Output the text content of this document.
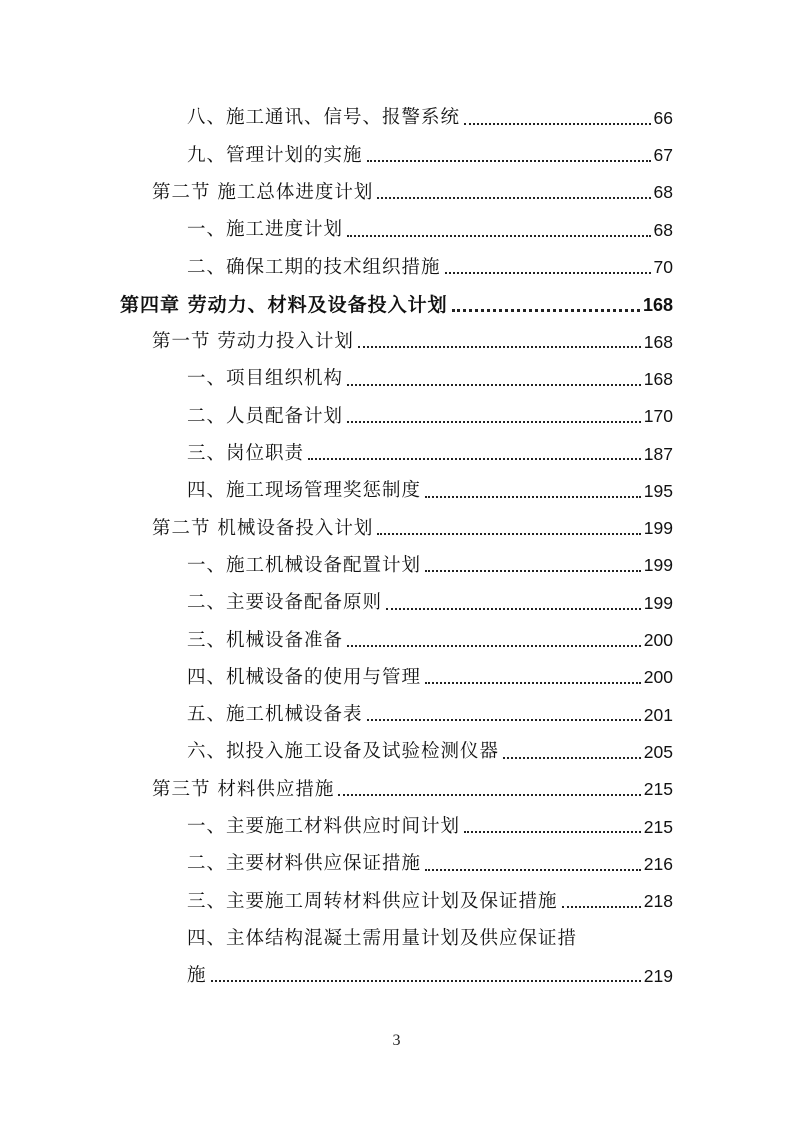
八、施工通讯、信号、报警系统	66
九、管理计划的实施	67
第二节 施工总体进度计划	68
一、施工进度计划	68
二、确保工期的技术组织措施	70
第四章 劳动力、材料及设备投入计划	168
第一节 劳动力投入计划	168
一、项目组织机构	168
二、人员配备计划	170
三、岗位职责	187
四、施工现场管理奖惩制度	195
第二节 机械设备投入计划	199
一、施工机械设备配置计划	199
二、主要设备配备原则	199
三、机械设备准备	200
四、机械设备的使用与管理	200
五、施工机械设备表	201
六、拟投入施工设备及试验检测仪器	205
第三节 材料供应措施	215
一、主要施工材料供应时间计划	215
二、主要材料供应保证措施	216
三、主要施工周转材料供应计划及保证措施	218
四、主体结构混凝土需用量计划及供应保证措
施	219
3
